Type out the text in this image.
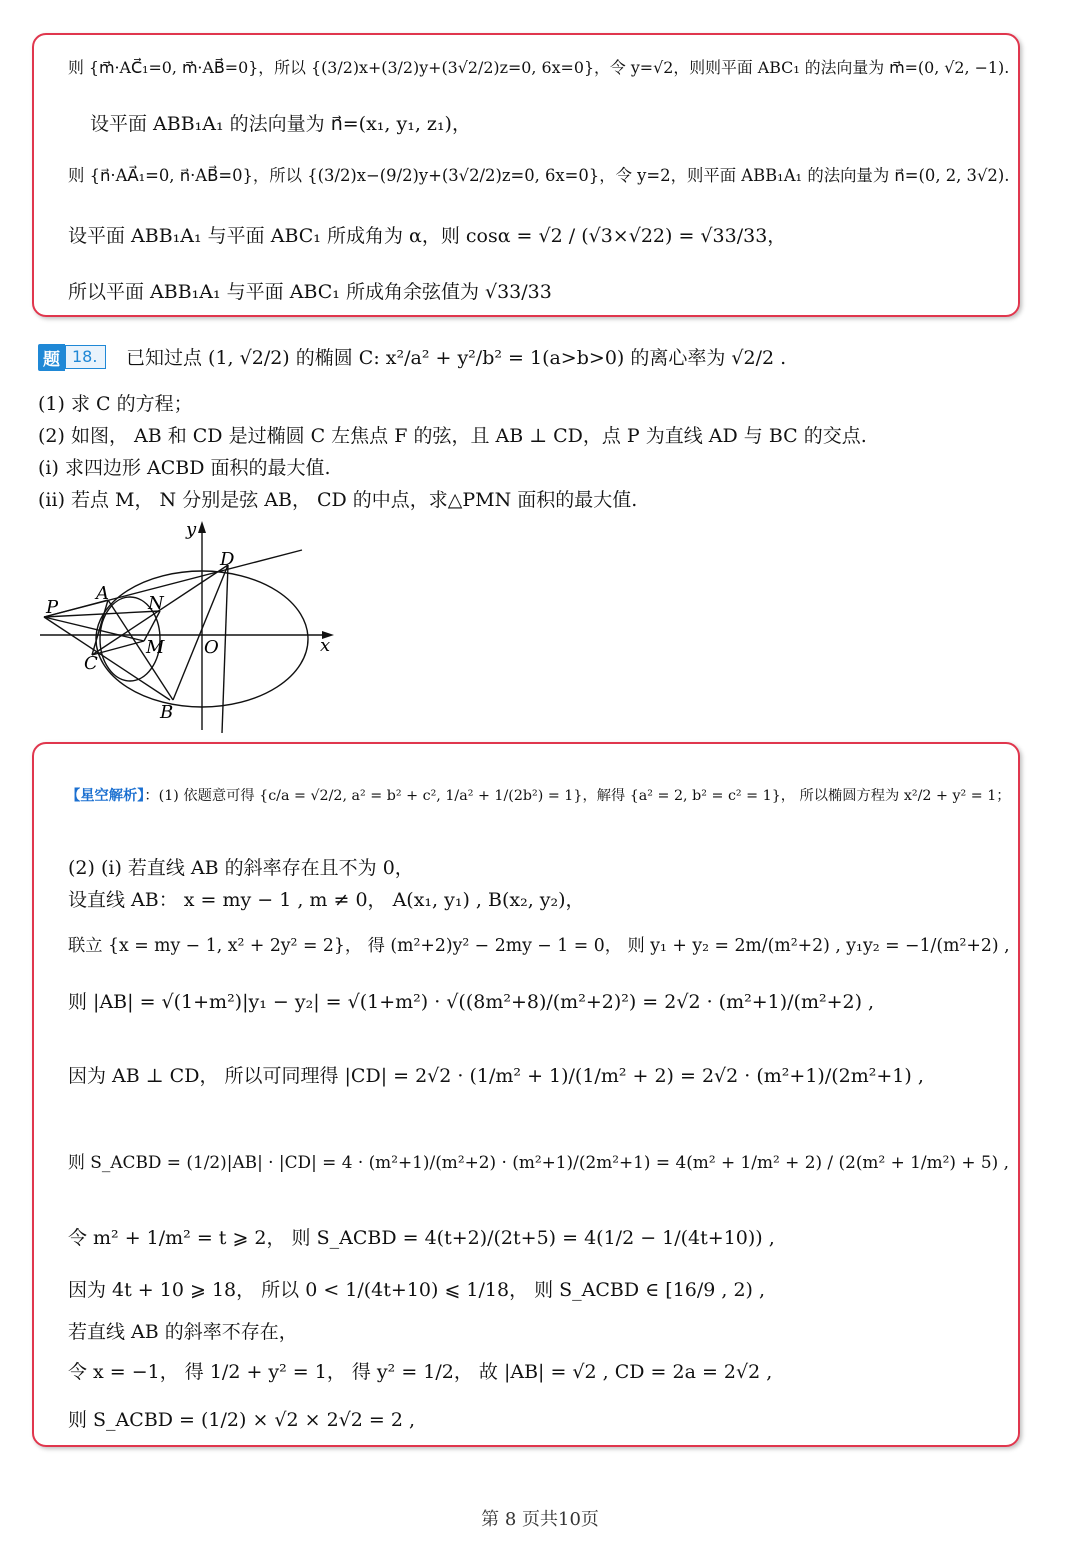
则 {m⃗·AC⃗₁=0, m⃗·AB⃗=0}，所以 {(3/2)x+(3/2)y+(3√2/2)z=0, 6x=0}，令 y=√2，则则平面 ABC₁ 的法向量为 m⃗=(0, √2, −1).
设平面 ABB₁A₁ 的法向量为 n⃗=(x₁, y₁, z₁)，
则 {n⃗·AA⃗₁=0, n⃗·AB⃗=0}，所以 {(3/2)x−(9/2)y+(3√2/2)z=0, 6x=0}，令 y=2，则平面 ABB₁A₁ 的法向量为 n⃗=(0, 2, 3√2).
设平面 ABB₁A₁ 与平面 ABC₁ 所成角为 α，则 cosα = √2 / (√3×√22) = √33/33，
所以平面 ABB₁A₁ 与平面 ABC₁ 所成角余弦值为 √33/33
题 18.	已知过点 (1, √2/2) 的椭圆 C: x²/a² + y²/b² = 1(a>b>0) 的离心率为 √2/2 .
(1) 求 C 的方程；
(2) 如图， AB 和 CD 是过椭圆 C 左焦点 F 的弦，且 AB ⊥ CD，点 P 为直线 AD 与 BC 的交点.
(i) 求四边形 ACBD 面积的最大值.
(ii) 若点 M， N 分别是弦 AB， CD 的中点，求△PMN 面积的最大值.
x
y
P
A N
C
M O
D
B
【星空解析】：(1) 依题意可得 {c/a = √2/2, a² = b² + c², 1/a² + 1/(2b²) = 1}，解得 {a² = 2, b² = c² = 1}， 所以椭圆方程为 x²/2 + y² = 1；
(2) (i) 若直线 AB 的斜率存在且不为 0，
设直线 AB： x = my − 1 , m ≠ 0， A(x₁, y₁) , B(x₂, y₂)，
联立 {x = my − 1, x² + 2y² = 2}， 得 (m²+2)y² − 2my − 1 = 0， 则 y₁ + y₂ = 2m/(m²+2) , y₁y₂ = −1/(m²+2) ,
则 |AB| = √(1+m²)|y₁ − y₂| = √(1+m²) · √((8m²+8)/(m²+2)²) = 2√2 · (m²+1)/(m²+2) ,
因为 AB ⊥ CD， 所以可同理得 |CD| = 2√2 · (1/m² + 1)/(1/m² + 2) = 2√2 · (m²+1)/(2m²+1) ,
则 S_ACBD = (1/2)|AB| · |CD| = 4 · (m²+1)/(m²+2) · (m²+1)/(2m²+1) = 4(m² + 1/m² + 2) / (2(m² + 1/m²) + 5) ,
令 m² + 1/m² = t ⩾ 2， 则 S_ACBD = 4(t+2)/(2t+5) = 4(1/2 − 1/(4t+10)) ,
因为 4t + 10 ⩾ 18， 所以 0 < 1/(4t+10) ⩽ 1/18， 则 S_ACBD ∈ [16/9 , 2) ,
若直线 AB 的斜率不存在，
令 x = −1， 得 1/2 + y² = 1， 得 y² = 1/2， 故 |AB| = √2 , CD = 2a = 2√2 ,
则 S_ACBD = (1/2) × √2 × 2√2 = 2 ,
第 8 页共10页
